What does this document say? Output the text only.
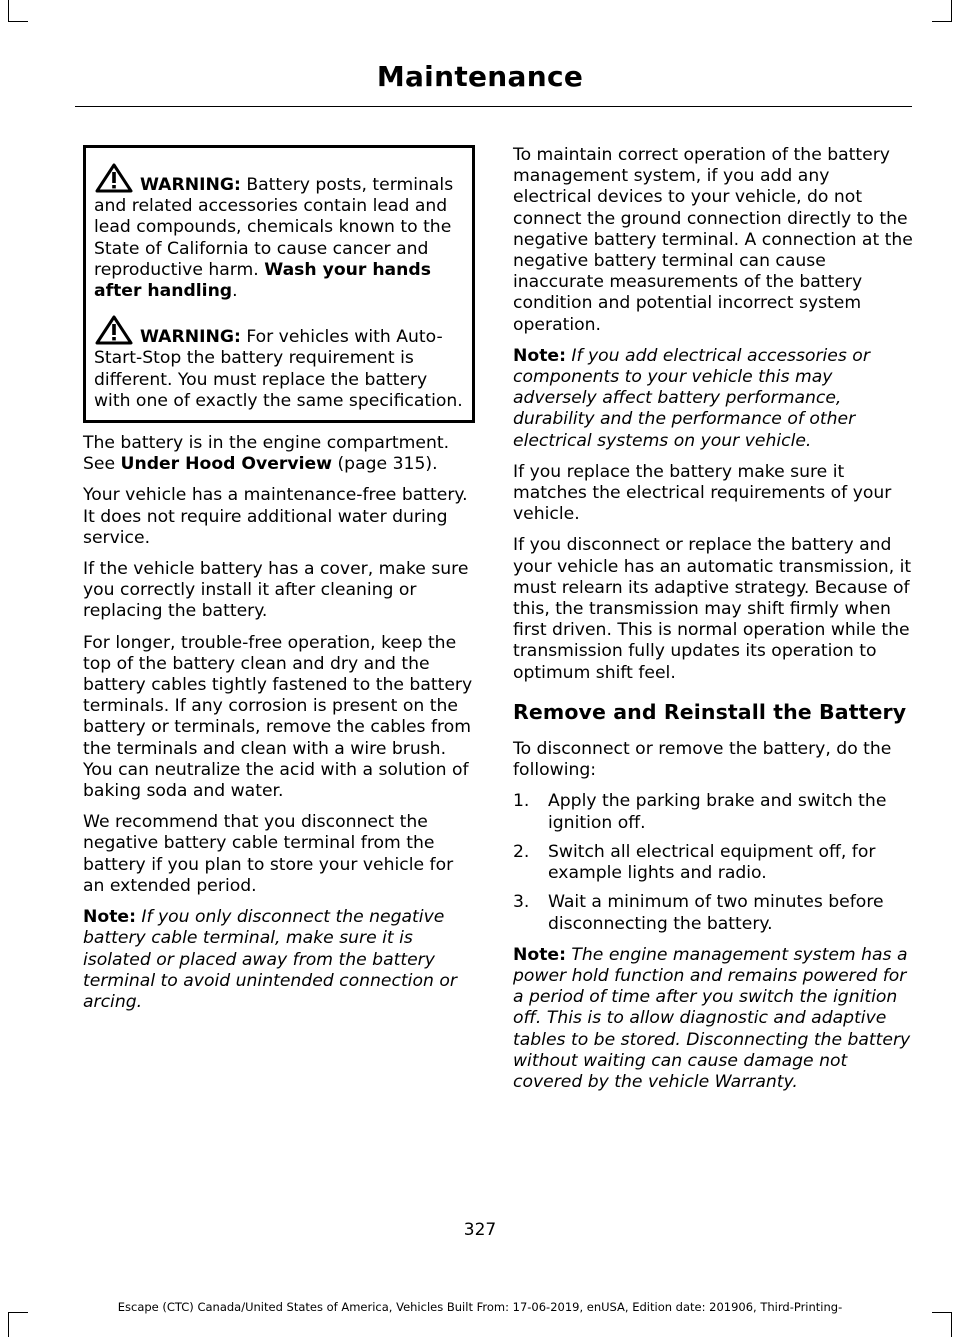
Maintenance

WARNING: Battery posts, terminals and related accessories contain lead and lead compounds, chemicals known to the State of California to cause cancer and reproductive harm. Wash your hands after handling.

WARNING: For vehicles with Auto-Start-Stop the battery requirement is different. You must replace the battery with one of exactly the same specification.

The battery is in the engine compartment. See Under Hood Overview (page 315).

Your vehicle has a maintenance-free battery. It does not require additional water during service.

If the vehicle battery has a cover, make sure you correctly install it after cleaning or replacing the battery.

For longer, trouble-free operation, keep the top of the battery clean and dry and the battery cables tightly fastened to the battery terminals. If any corrosion is present on the battery or terminals, remove the cables from the terminals and clean with a wire brush. You can neutralize the acid with a solution of baking soda and water.

We recommend that you disconnect the negative battery cable terminal from the battery if you plan to store your vehicle for an extended period.

Note: If you only disconnect the negative battery cable terminal, make sure it is isolated or placed away from the battery terminal to avoid unintended connection or arcing.

To maintain correct operation of the battery management system, if you add any electrical devices to your vehicle, do not connect the ground connection directly to the negative battery terminal. A connection at the negative battery terminal can cause inaccurate measurements of the battery condition and potential incorrect system operation.

Note: If you add electrical accessories or components to your vehicle this may adversely affect battery performance, durability and the performance of other electrical systems on your vehicle.

If you replace the battery make sure it matches the electrical requirements of your vehicle.

If you disconnect or replace the battery and your vehicle has an automatic transmission, it must relearn its adaptive strategy. Because of this, the transmission may shift firmly when first driven. This is normal operation while the transmission fully updates its operation to optimum shift feel.

Remove and Reinstall the Battery

To disconnect or remove the battery, do the following:

1. Apply the parking brake and switch the ignition off.
2. Switch all electrical equipment off, for example lights and radio.
3. Wait a minimum of two minutes before disconnecting the battery.

Note: The engine management system has a power hold function and remains powered for a period of time after you switch the ignition off. This is to allow diagnostic and adaptive tables to be stored. Disconnecting the battery without waiting can cause damage not covered by the vehicle Warranty.

327
Escape (CTC) Canada/United States of America, Vehicles Built From: 17-06-2019, enUSA, Edition date: 201906, Third-Printing-
